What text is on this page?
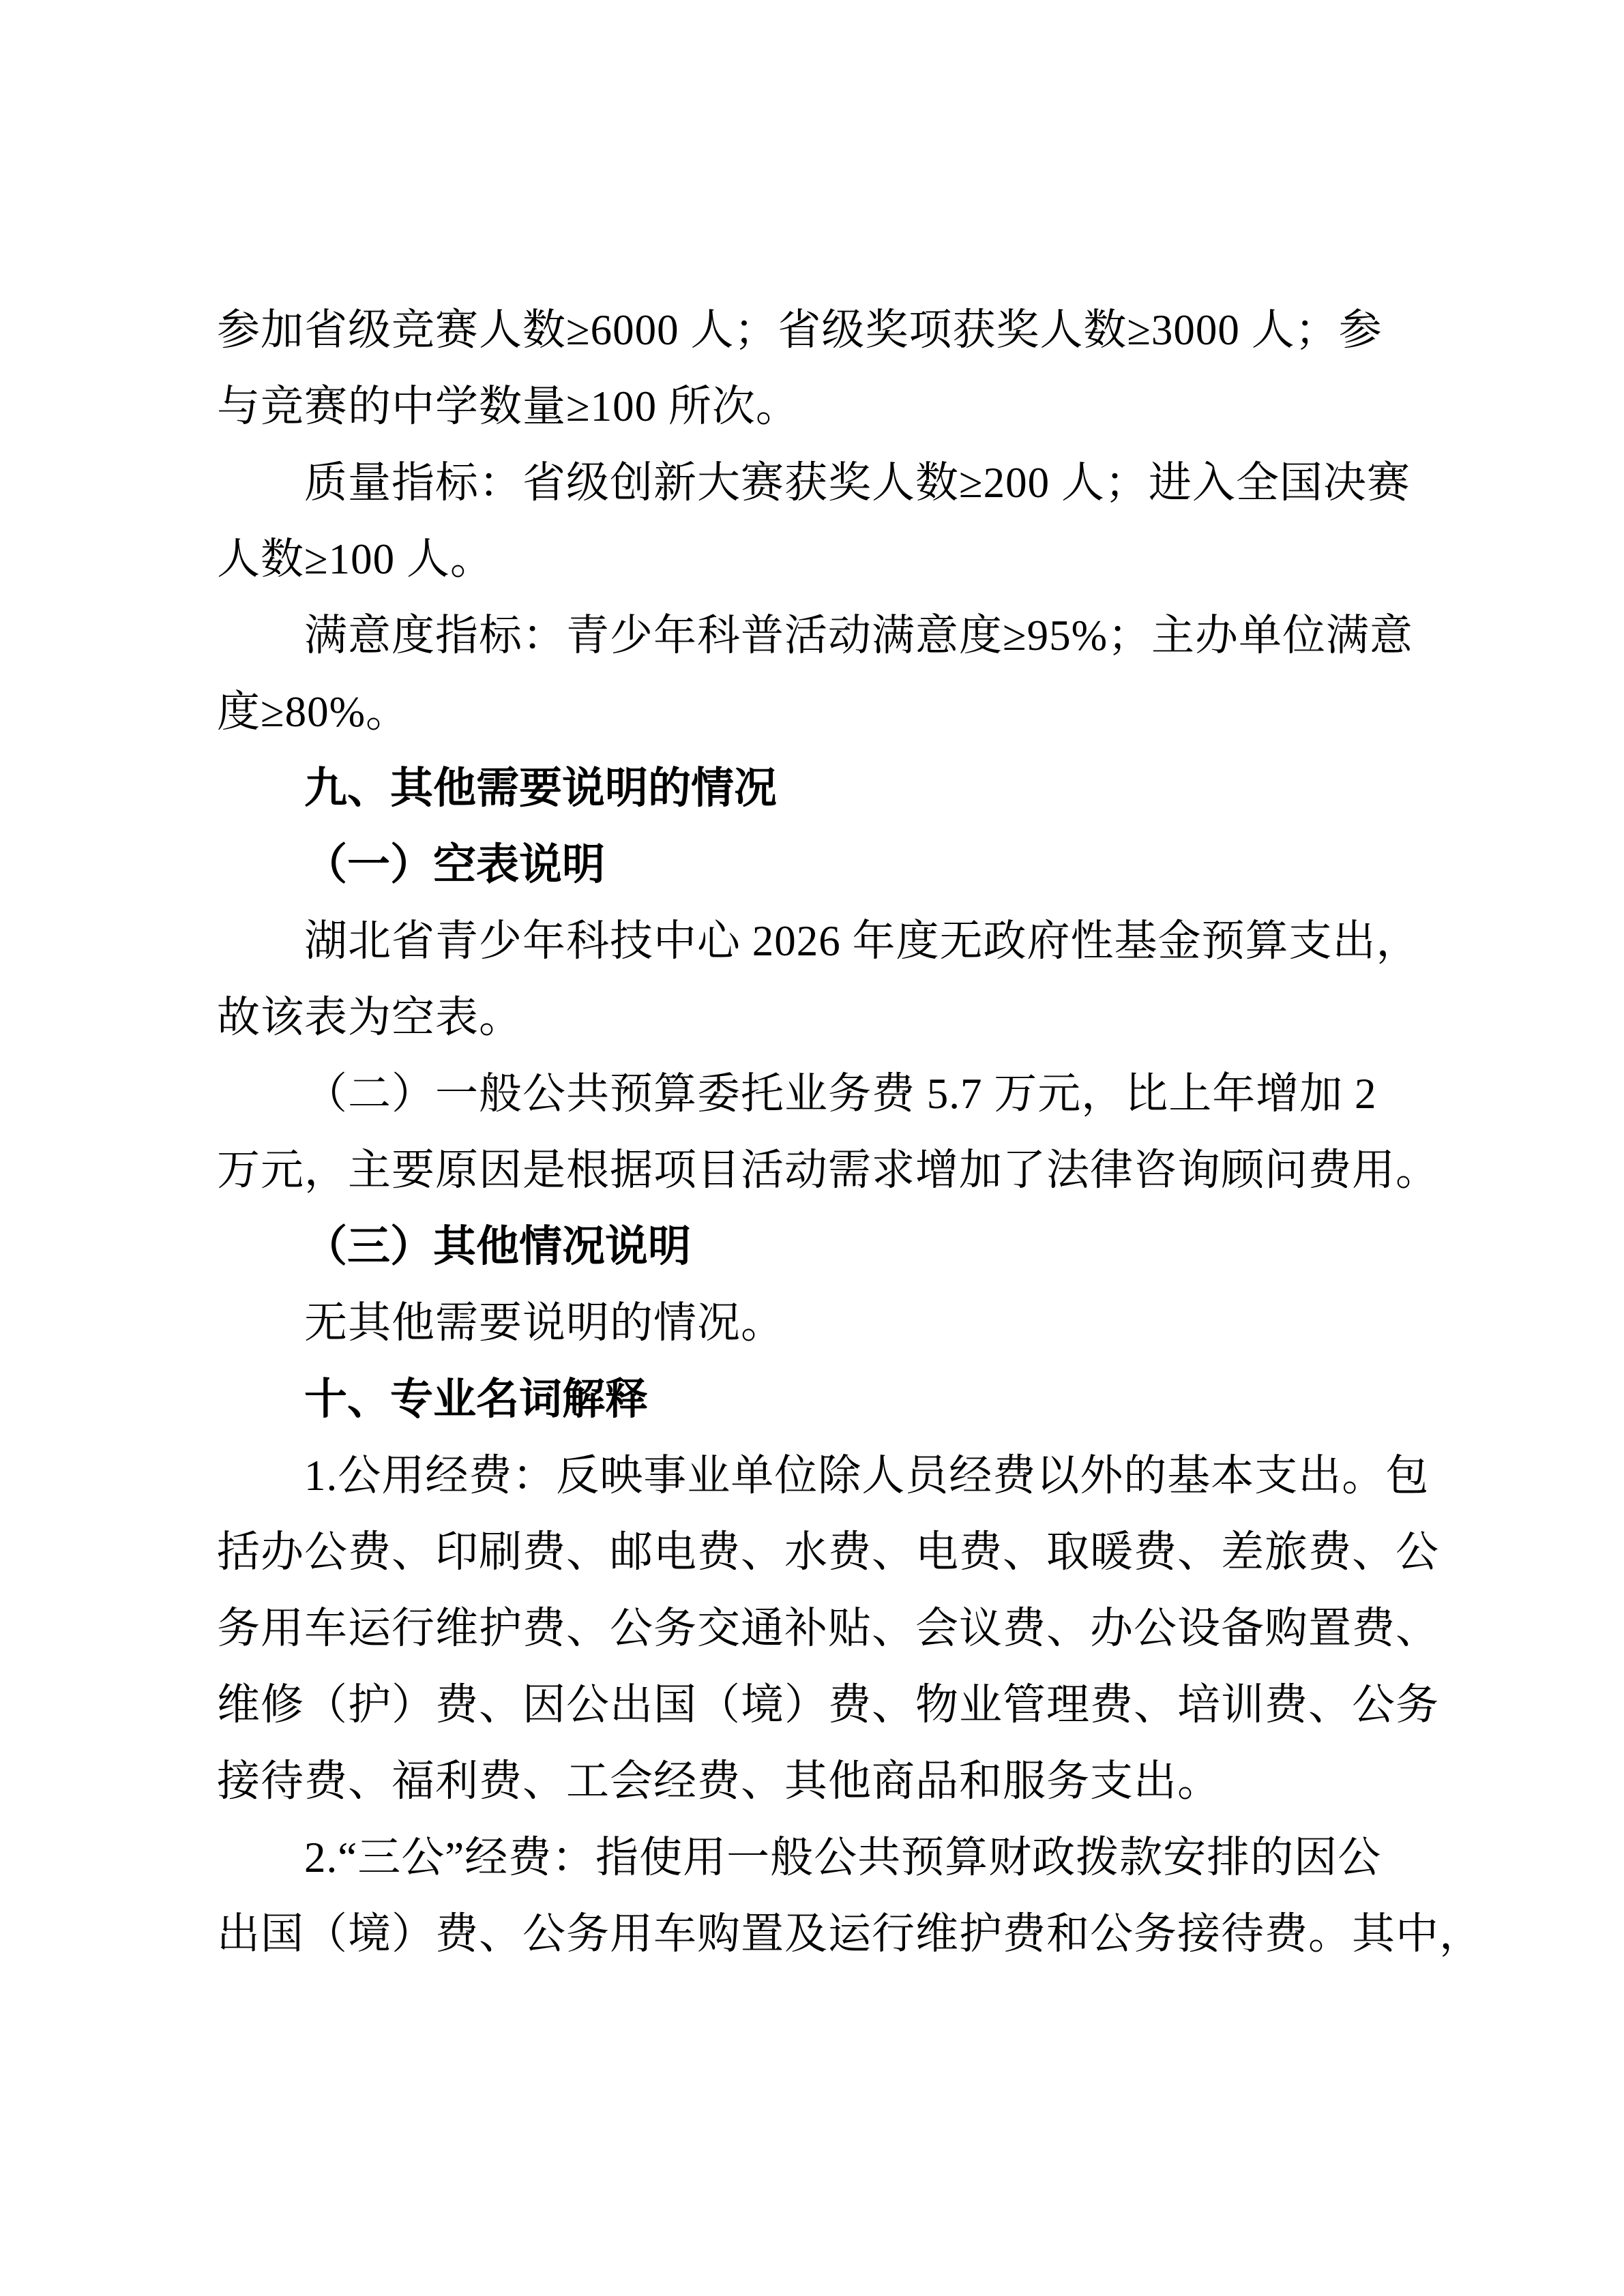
参加省级竞赛人数≥6000 人；省级奖项获奖人数≥3000 人；参

与竞赛的中学数量≥100 所次。

质量指标：省级创新大赛获奖人数≥200 人；进入全国决赛

人数≥100 人。

满意度指标：青少年科普活动满意度≥95%；主办单位满意

度≥80%。

九、其他需要说明的情况

（一）空表说明

湖北省青少年科技中心 2026 年度无政府性基金预算支出，

故该表为空表。

（二）一般公共预算委托业务费 5.7 万元，比上年增加 2

万元，主要原因是根据项目活动需求增加了法律咨询顾问费用。

（三）其他情况说明

无其他需要说明的情况。

十、专业名词解释

1.公用经费：反映事业单位除人员经费以外的基本支出。包

括办公费、印刷费、邮电费、水费、电费、取暖费、差旅费、公

务用车运行维护费、公务交通补贴、会议费、办公设备购置费、

维修（护）费、因公出国（境）费、物业管理费、培训费、公务

接待费、福利费、工会经费、其他商品和服务支出。

2.“三公”经费：指使用一般公共预算财政拨款安排的因公

出国（境）费、公务用车购置及运行维护费和公务接待费。其中，
